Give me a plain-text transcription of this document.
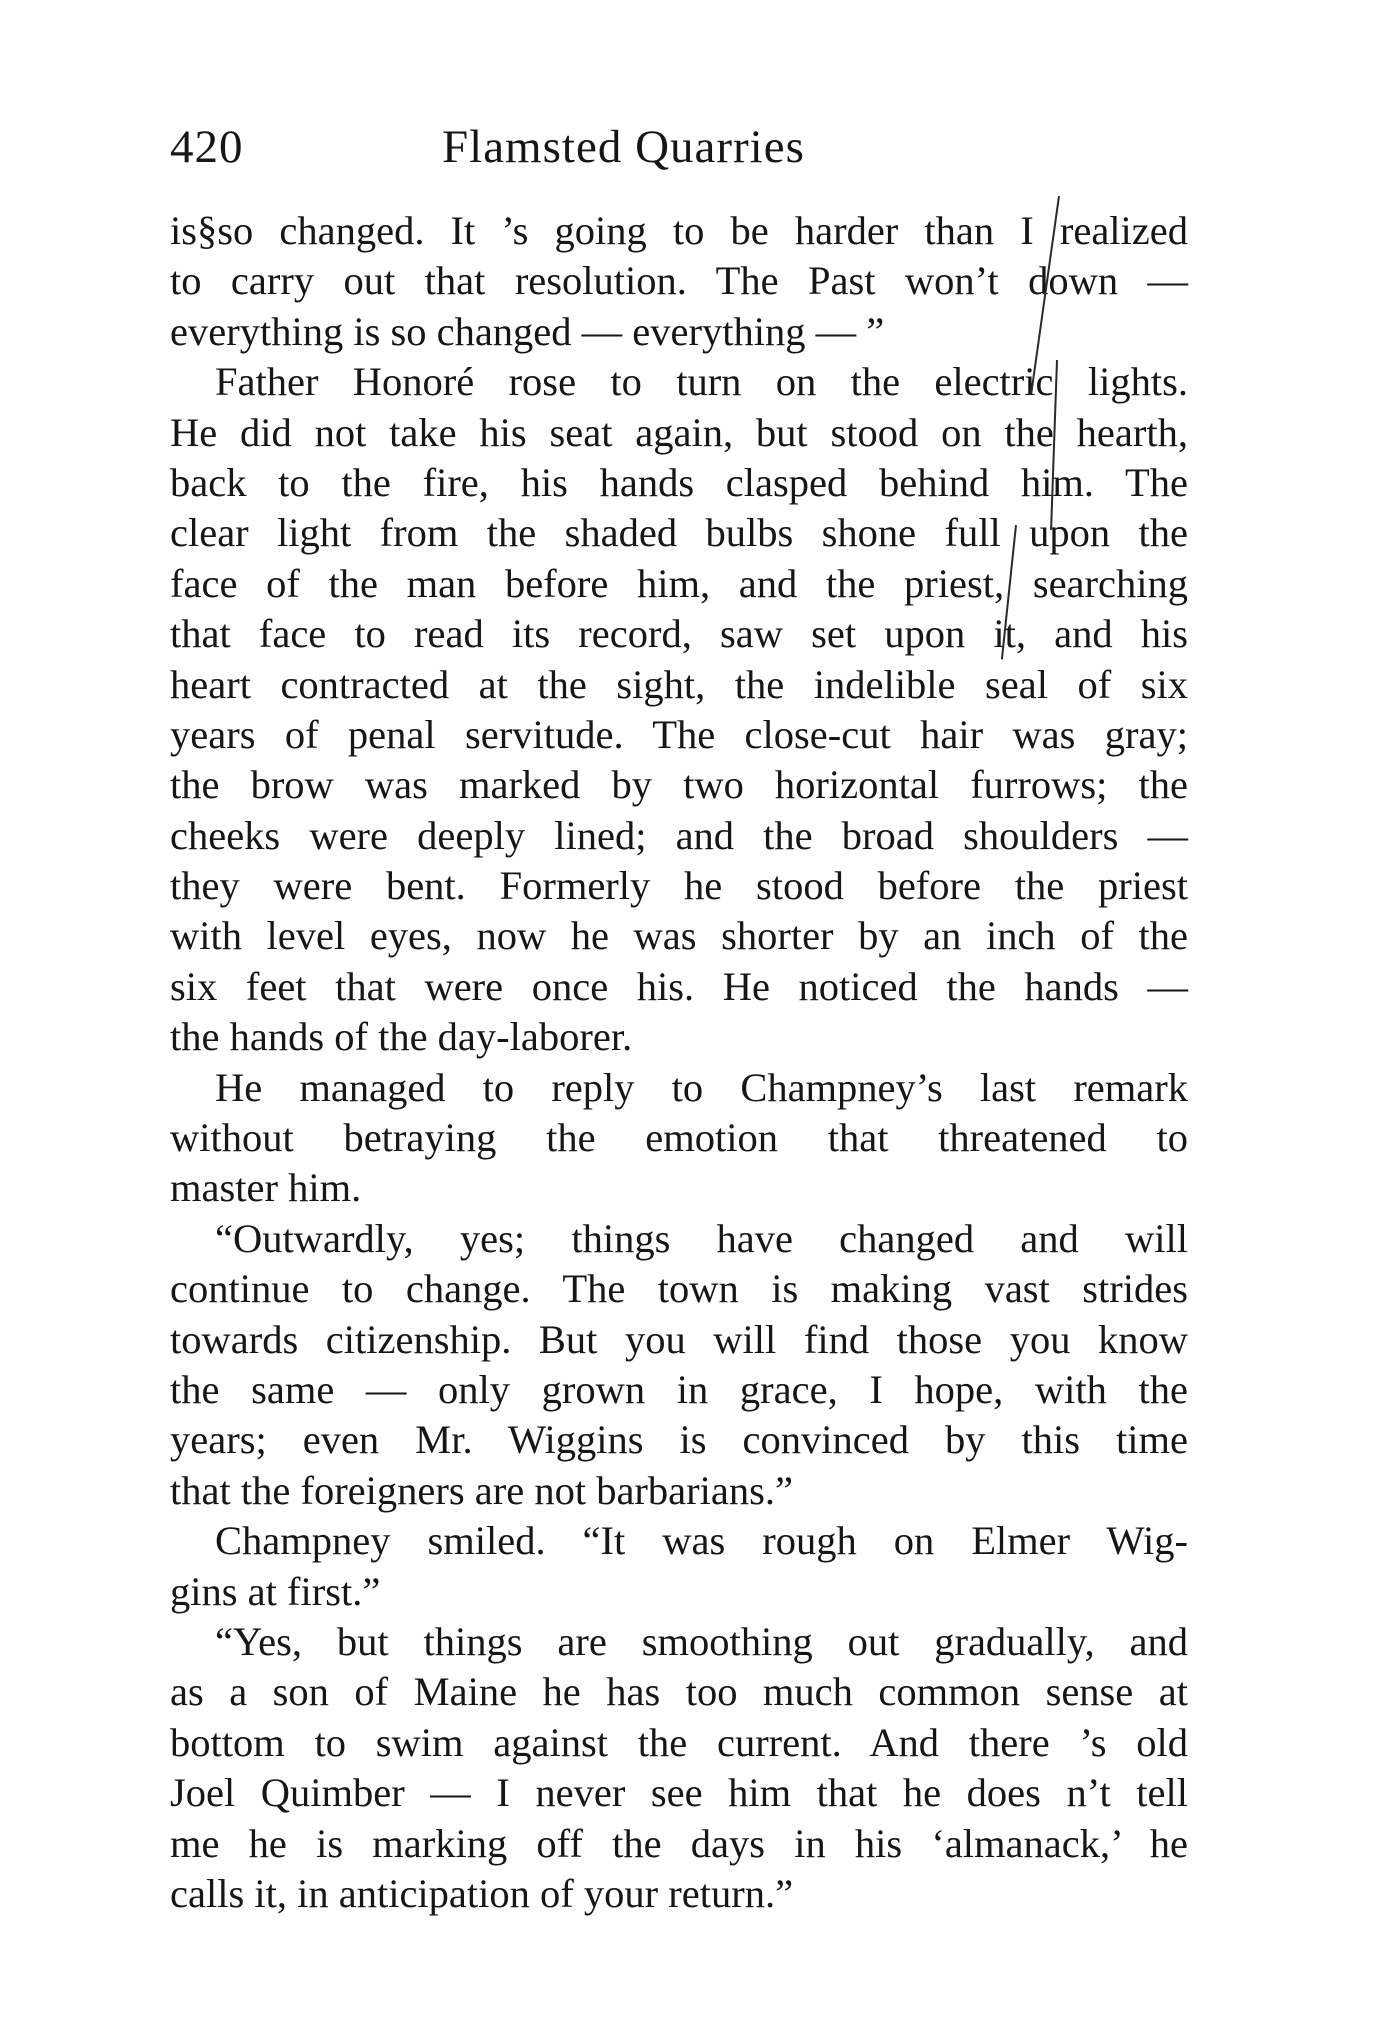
420	Flamsted Quarries
is§so changed. It ’s going to be harder than I realized
to carry out that resolution. The Past won’t down —
everything is so changed — everything — ”
Father Honoré rose to turn on the electric lights.
He did not take his seat again, but stood on the hearth,
back to the fire, his hands clasped behind him. The
clear light from the shaded bulbs shone full upon the
face of the man before him, and the priest, searching
that face to read its record, saw set upon it, and his
heart contracted at the sight, the indelible seal of six
years of penal servitude. The close-cut hair was gray;
the brow was marked by two horizontal furrows; the
cheeks were deeply lined; and the broad shoulders —
they were bent. Formerly he stood before the priest
with level eyes, now he was shorter by an inch of the
six feet that were once his. He noticed the hands —
the hands of the day-laborer.
He managed to reply to Champney’s last remark
without betraying the emotion that threatened to
master him.
“Outwardly, yes; things have changed and will
continue to change. The town is making vast strides
towards citizenship. But you will find those you know
the same — only grown in grace, I hope, with the
years; even Mr. Wiggins is convinced by this time
that the foreigners are not barbarians.”
Champney smiled. “It was rough on Elmer Wig-
gins at first.”
“Yes, but things are smoothing out gradually, and
as a son of Maine he has too much common sense at
bottom to swim against the current. And there ’s old
Joel Quimber — I never see him that he does n’t tell
me he is marking off the days in his ‘almanack,’ he
calls it, in anticipation of your return.”
